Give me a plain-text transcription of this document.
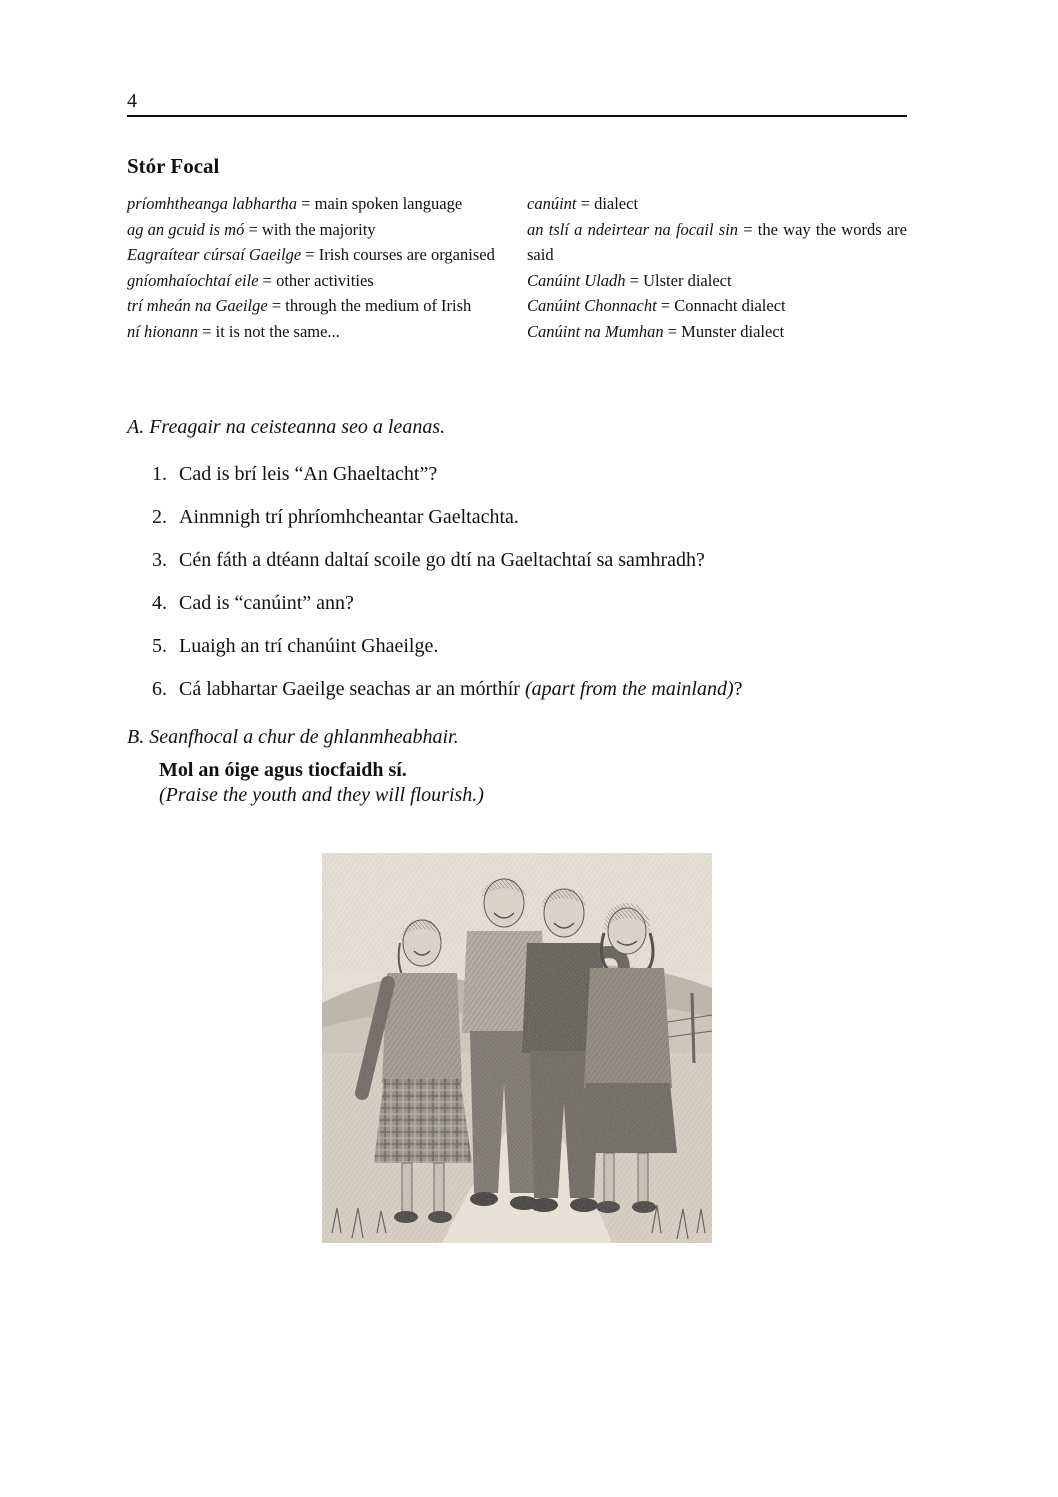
4
Stór Focal
príomhtheanga labhartha = main spoken language
ag an gcuid is mó = with the majority
Eagraítear cúrsaí Gaeilge = Irish courses are organised
gníomhaíochtaí eile = other activities
trí mheán na Gaeilge = through the medium of Irish
ní hionann = it is not the same...
canúint = dialect
an tslí a ndeirtear na focail sin = the way the words are said
Canúint Uladh = Ulster dialect
Canúint Chonnacht = Connacht dialect
Canúint na Mumhan = Munster dialect
A. Freagair na ceisteanna seo a leanas.
1. Cad is brí leis “An Ghaeltacht”?
2. Ainmnigh trí phríomhcheantar Gaeltachta.
3. Cén fáth a dtéann daltaí scoile go dtí na Gaeltachtaí sa samhradh?
4. Cad is “canúint” ann?
5. Luaigh an trí chanúint Ghaeilge.
6. Cá labhartar Gaeilge seachas ar an mórthír (apart from the mainland)?
B. Seanfhocal a chur de ghlanmheabhair.
Mol an óige agus tiocfaidh sí.
(Praise the youth and they will flourish.)
